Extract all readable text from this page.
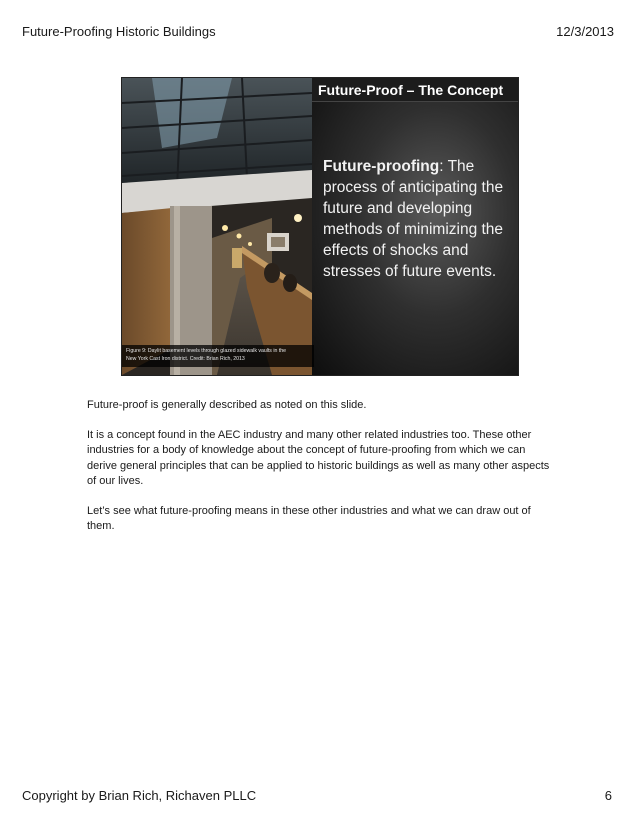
Future-Proofing Historic Buildings	12/3/2013
Future-Proof – The Concept
Future-proofing: The process of anticipating the future and developing methods of minimizing the effects of shocks and stresses of future events.
Figure 9: Daylit basement levels through glazed sidewalk vaults in the
New York Cast Iron district. Credit: Brian Rich, 2013

Future-proof is generally described as noted on this slide.

It is a concept found in the AEC industry and many other related industries too. These other industries for a body of knowledge about the concept of future-proofing from which we can derive general principles that can be applied to historic buildings as well as many other aspects of our lives.

Let’s see what future-proofing means in these other industries and what we can draw out of them.

Copyright by Brian Rich, Richaven PLLC	6
